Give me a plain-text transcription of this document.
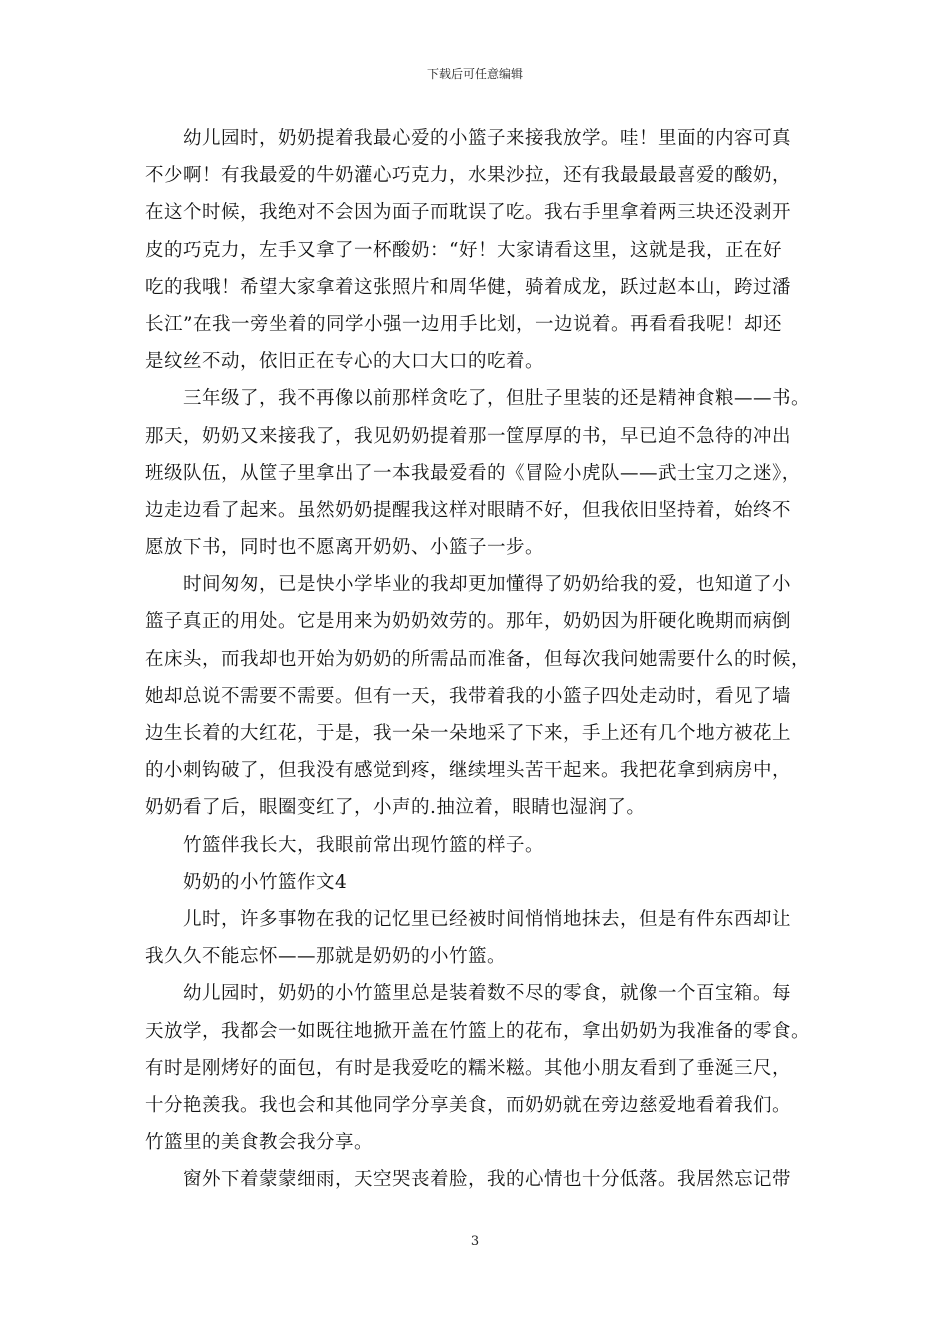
下载后可任意编辑
幼儿园时，奶奶提着我最心爱的小篮子来接我放学。哇！里面的内容可真
不少啊！有我最爱的牛奶灌心巧克力，水果沙拉，还有我最最最喜爱的酸奶，
在这个时候，我绝对不会因为面子而耽误了吃。我右手里拿着两三块还没剥开
皮的巧克力，左手又拿了一杯酸奶：“好！大家请看这里，这就是我，正在好
吃的我哦！希望大家拿着这张照片和周华健，骑着成龙，跃过赵本山，跨过潘
长江”在我一旁坐着的同学小强一边用手比划，一边说着。再看看我呢！却还
是纹丝不动，依旧正在专心的大口大口的吃着。
三年级了，我不再像以前那样贪吃了，但肚子里装的还是精神食粮——书。
那天，奶奶又来接我了，我见奶奶提着那一筐厚厚的书，早已迫不急待的冲出
班级队伍，从筐子里拿出了一本我最爱看的《冒险小虎队——武士宝刀之迷》，
边走边看了起来。虽然奶奶提醒我这样对眼睛不好，但我依旧坚持着，始终不
愿放下书，同时也不愿离开奶奶、小篮子一步。
时间匆匆，已是快小学毕业的我却更加懂得了奶奶给我的爱，也知道了小
篮子真正的用处。它是用来为奶奶效劳的。那年，奶奶因为肝硬化晚期而病倒
在床头，而我却也开始为奶奶的所需品而准备，但每次我问她需要什么的时候，
她却总说不需要不需要。但有一天，我带着我的小篮子四处走动时，看见了墙
边生长着的大红花，于是，我一朵一朵地采了下来，手上还有几个地方被花上
的小刺钩破了，但我没有感觉到疼，继续埋头苦干起来。我把花拿到病房中，
奶奶看了后，眼圈变红了，小声的.抽泣着，眼睛也湿润了。
竹篮伴我长大，我眼前常出现竹篮的样子。
奶奶的小竹篮作文4
儿时，许多事物在我的记忆里已经被时间悄悄地抹去，但是有件东西却让
我久久不能忘怀——那就是奶奶的小竹篮。
幼儿园时，奶奶的小竹篮里总是装着数不尽的零食，就像一个百宝箱。每
天放学，我都会一如既往地掀开盖在竹篮上的花布，拿出奶奶为我准备的零食。
有时是刚烤好的面包，有时是我爱吃的糯米糍。其他小朋友看到了垂涎三尺，
十分艳羡我。我也会和其他同学分享美食，而奶奶就在旁边慈爱地看着我们。
竹篮里的美食教会我分享。
窗外下着蒙蒙细雨，天空哭丧着脸，我的心情也十分低落。我居然忘记带
3
